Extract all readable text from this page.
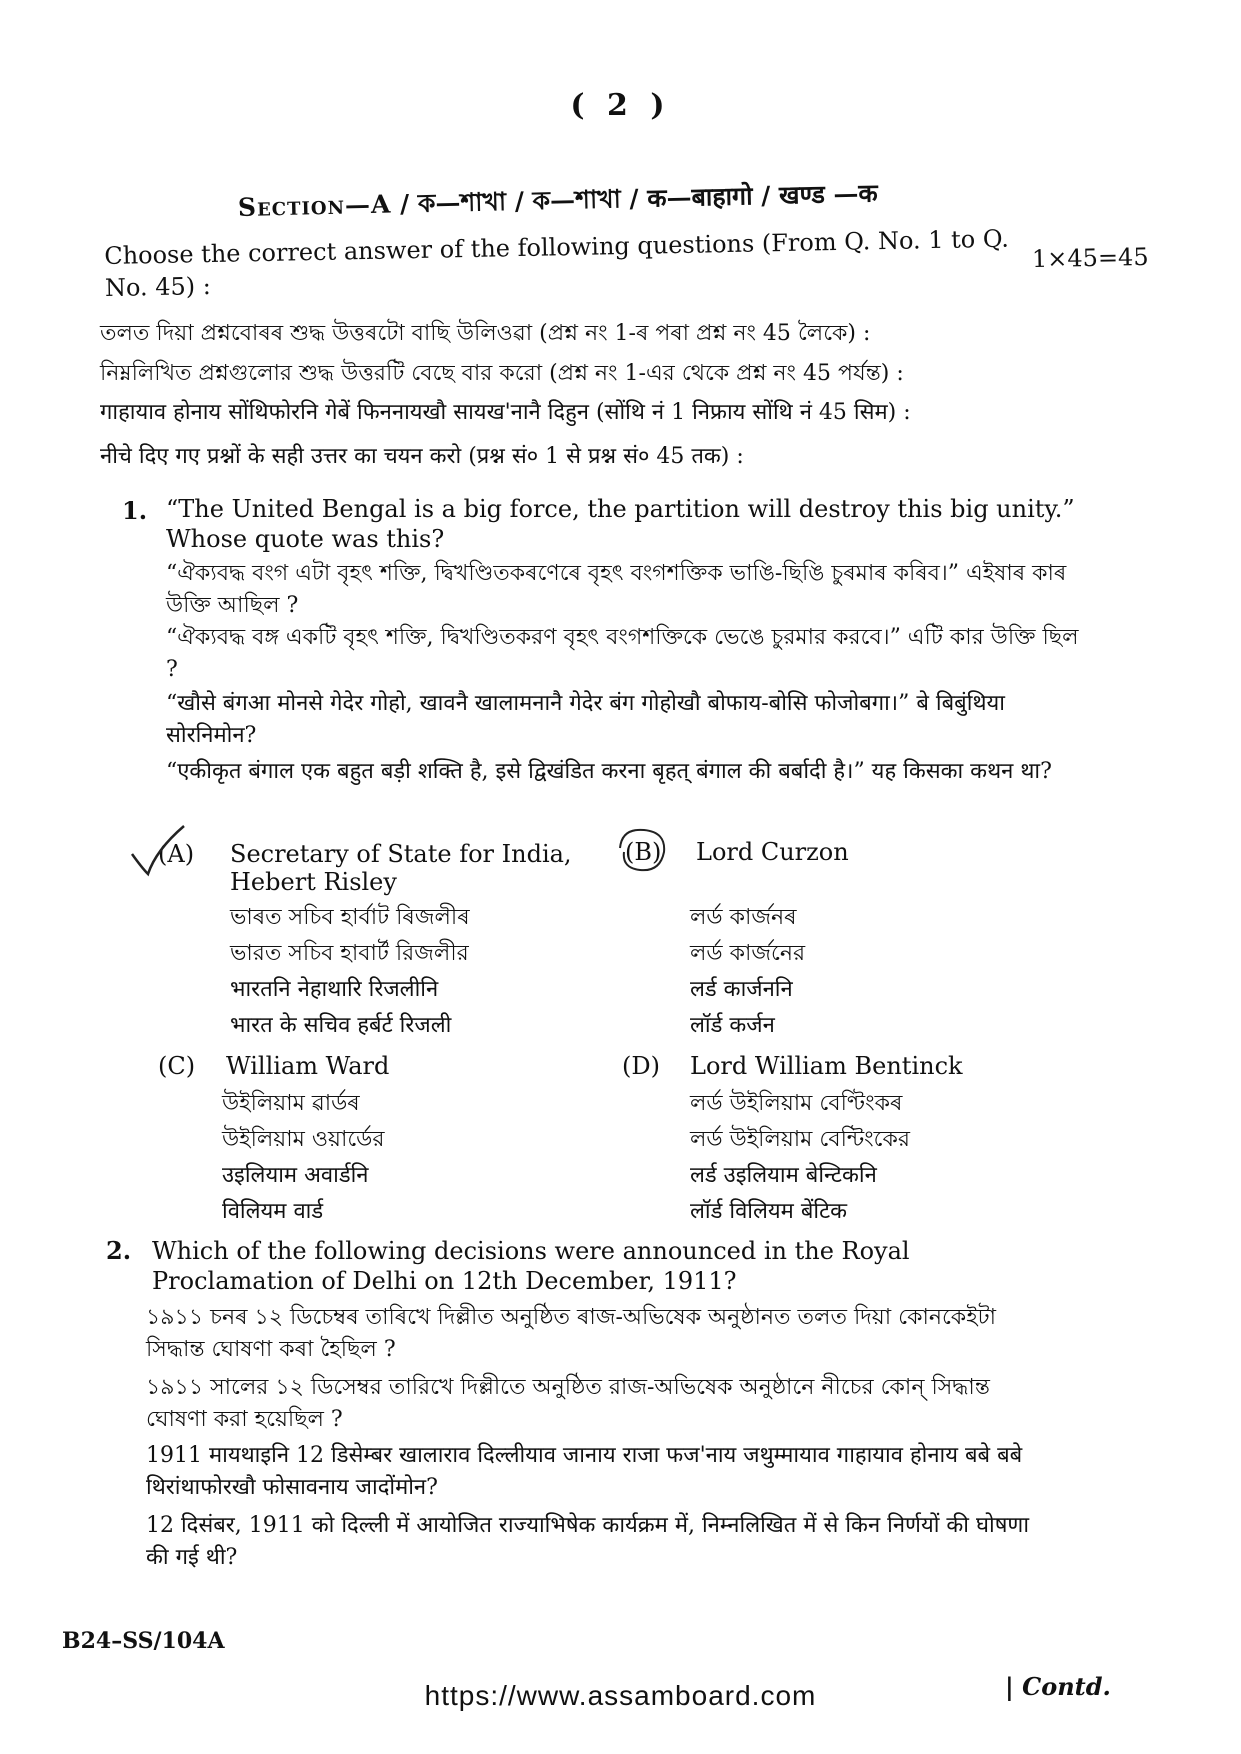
( 2 )
Section—A / ক—শাখা / ক—শাখা / क—बाहागो / खण्ड —क
Choose the correct answer of the following questions (From Q. No. 1 to Q. No. 45) :
1×45=45
তলত দিয়া প্ৰশ্নবোৰৰ শুদ্ধ উত্তৰটো বাছি উলিওৱা (প্ৰশ্ন নং 1-ৰ পৰা প্ৰশ্ন নং 45 লৈকে) :
নিম্নলিখিত প্রশ্নগুলোর শুদ্ধ উত্তরটি বেছে বার করো (প্রশ্ন নং 1-এর থেকে প্রশ্ন নং 45 পর্যন্ত) :
गाहायाव होनाय सोंथिफोरनि गेबें फिननायखौ सायख'नानै दिहुन (सोंथि नं 1 निफ्राय सोंथि नं 45 सिम) :
नीचे दिए गए प्रश्नों के सही उत्तर का चयन करो (प्रश्न सं० 1 से प्रश्न सं० 45 तक) :
1. “The United Bengal is a big force, the partition will destroy this big unity.” Whose quote was this?
“ঐক্যবদ্ধ বংগ এটা বৃহৎ শক্তি, দ্বিখণ্ডিতকৰণেৰে বৃহৎ বংগশক্তিক ভাঙি-ছিঙি চুৰমাৰ কৰিব।” এইষাৰ কাৰ উক্তি আছিল ?
“ঐক্যবদ্ধ বঙ্গ একটি বৃহৎ শক্তি, দ্বিখণ্ডিতকরণ বৃহৎ বংগশক্তিকে ভেঙে চুরমার করবে।” এটি কার উক্তি ছিল ?
“खौसे बंगआ मोनसे गेदेर गोहो, खावनै खालामनानै गेदेर बंग गोहोखौ बोफाय-बोसि फोजोबगा।” बे बिबुंथिया सोरनिमोन?
“एकीकृत बंगाल एक बहुत बड़ी शक्ति है, इसे द्विखंडित करना बृहत् बंगाल की बर्बादी है।” यह किसका कथन था?
(A) Secretary of State for India, Hebert Risley
ভাৰত সচিব হাৰ্বাট ৰিজলীৰ
ভারত সচিব হাবার্ট রিজলীর
भारतनि नेहाथारि रिजलीनि
भारत के सचिव हर्बर्ट रिजली
(B) Lord Curzon
লৰ্ড কাৰ্জনৰ
লর্ড কার্জনের
लर्ड कार्जननि
लॉर्ड कर्जन
(C) William Ward
উইলিয়াম ৱাৰ্ডৰ
উইলিয়াম ওয়ার্ডের
उइलियाम अवार्डनि
विलियम वार्ड
(D) Lord William Bentinck
লৰ্ড উইলিয়াম বেণ্টিংকৰ
লর্ড উইলিয়াম বেন্টিংকের
लर्ड उइलियाम बेन्टिकनि
लॉर्ड विलियम बेंटिक
2. Which of the following decisions were announced in the Royal Proclamation of Delhi on 12th December, 1911?
১৯১১ চনৰ ১২ ডিচেম্বৰ তাৰিখে দিল্লীত অনুষ্ঠিত ৰাজ-অভিষেক অনুষ্ঠানত তলত দিয়া কোনকেইটা সিদ্ধান্ত ঘোষণা কৰা হৈছিল ?
১৯১১ সালের ১২ ডিসেম্বর তারিখে দিল্লীতে অনুষ্ঠিত রাজ-অভিষেক অনুষ্ঠানে নীচের কোন্ সিদ্ধান্ত ঘোষণা করা হয়েছিল ?
1911 मायथाइनि 12 डिसेम्बर खालाराव दिल्लीयाव जानाय राजा फज'नाय जथुम्मायाव गाहायाव होनाय बबे बबे थिरांथाफोरखौ फोसावनाय जादोंमोन?
12 दिसंबर, 1911 को दिल्ली में आयोजित राज्याभिषेक कार्यक्रम में, निम्नलिखित में से किन निर्णयों की घोषणा की गई थी?
B24–SS/104A
https://www.assamboard.com	| Contd.
